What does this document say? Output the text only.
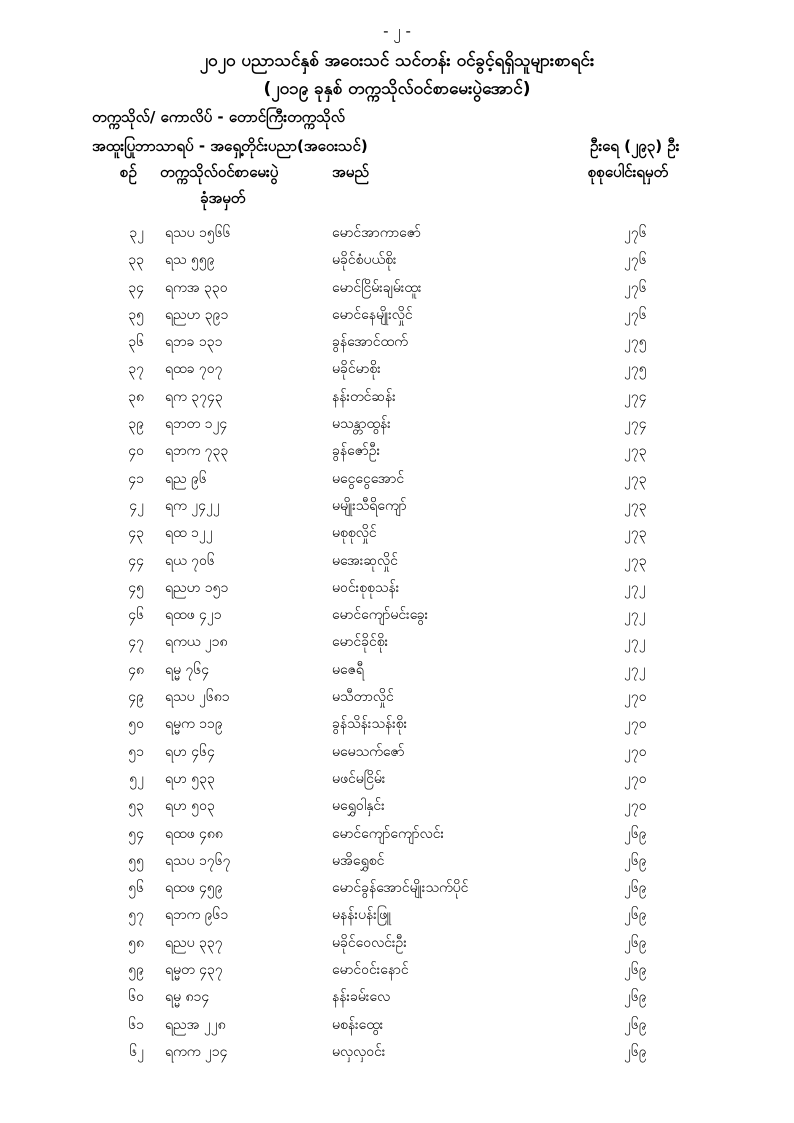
- ၂ -
၂၀၂၀ ပညာသင်နှစ် အဝေးသင် သင်တန်း ဝင်ခွင့်ရရှိသူများစာရင်း
(၂၀၁၉ ခုနှစ် တက္ကသိုလ်ဝင်စာမေးပွဲအောင်)
တက္ကသိုလ်/ ကောလိပ် - တောင်ကြီးတက္ကသိုလ်
အထူးပြုဘာသာရပ် - အရှေ့တိုင်းပညာ(အဝေးသင်)	ဦးရေ (၂၉၃) ဦး
စဉ် တက္ကသိုလ်ဝင်စာမေးပွဲ	အမည်	စုစုပေါင်းရမှတ်
ခုံအမှတ်
၃၂ ရသပ ၁၅၆၆	မောင်အာကာဇော်	၂၇၆
၃၃ ရသ ၅၅၉	မခိုင်စံပယ်စိုး	၂၇၆
၃၄ ရကအ ၃၃၀	မောင်ငြိမ်းချမ်းထူး	၂၇၆
၃၅ ရညဟ ၃၉၁	မောင်နေမျိုးလှိုင်	၂၇၆
၃၆ ရဘခ ၁၃၁	ခွန်အောင်ထက်	၂၇၅
၃၇ ရထခ ၇၀၇	မခိုင်မာစိုး	၂၇၅
၃၈ ရက ၃၇၄၃	နန်းတင်ဆန်း	၂၇၄
၃၉ ရဘတ ၁၂၄	မသန္တာထွန်း	၂၇၄
၄၀ ရဘက ၇၃၃	ခွန်ဇော်ဦး	၂၇၃
၄၁ ရည ၉၆	မငွေငွေအောင်	၂၇၃
၄၂ ရက ၂၄၂၂	မမျိုးသီရိကျော်	၂၇၃
၄၃ ရထ ၁၂၂	မစုစုလှိုင်	၂၇၃
၄၄ ရယ ၇၀၆	မအေးဆုလှိုင်	၂၇၃
၄၅ ရညဟ ၁၅၁	မဝင်းစုစုသန်း	၂၇၂
၄၆ ရထဖ ၄၂၁	မောင်ကျော်မင်းခွေး	၂၇၂
၄၇ ရကယ ၂၁၈	မောင်ခိုင်စိုး	၂၇၂
၄၈ ရမ္မ ၇၆၄	မဇေရီ	၂၇၂
၄၉ ရသပ ၂၆၈၁	မသီတာလှိုင်	၂၇၀
၅၀ ရမ္မက ၁၁၉	ခွန်သိန်းသန်းစိုး	၂၇၀
၅၁ ရဟ ၄၆၄	မမေသက်ဇော်	၂၇၀
၅၂ ရဟ ၅၃၃	မဖင်မငြိမ်း	၂၇၀
၅၃ ရဟ ၅၀၃	မရွှေဝါနှင်း	၂၇၀
၅၄ ရထဖ ၄၈၈	မောင်ကျော်ကျော်လင်း	၂၆၉
၅၅ ရသပ ၁၇၆၇	မအိရွှေစင်	၂၆၉
၅၆ ရထဖ ၄၅၉	မောင်ခွန်အောင်မျိုးသက်ပိုင်	၂၆၉
၅၇ ရဘက ၉၆၁	မနန်းပန်းဖြူ	၂၆၉
၅၈ ရညပ ၃၃၇	မခိုင်ဝေလင်းဦး	၂၆၉
၅၉ ရမ္မတ ၄၃၇	မောင်ဝင်းနောင်	၂၆၉
၆၀ ရမ္မ ၈၁၄	နန်းခမ်းလေ	၂၆၉
၆၁ ရညအ ၂၂၈	မစန်းထွေး	၂၆၉
၆၂ ရကက ၂၁၄	မလှလှဝင်း	၂၆၉
